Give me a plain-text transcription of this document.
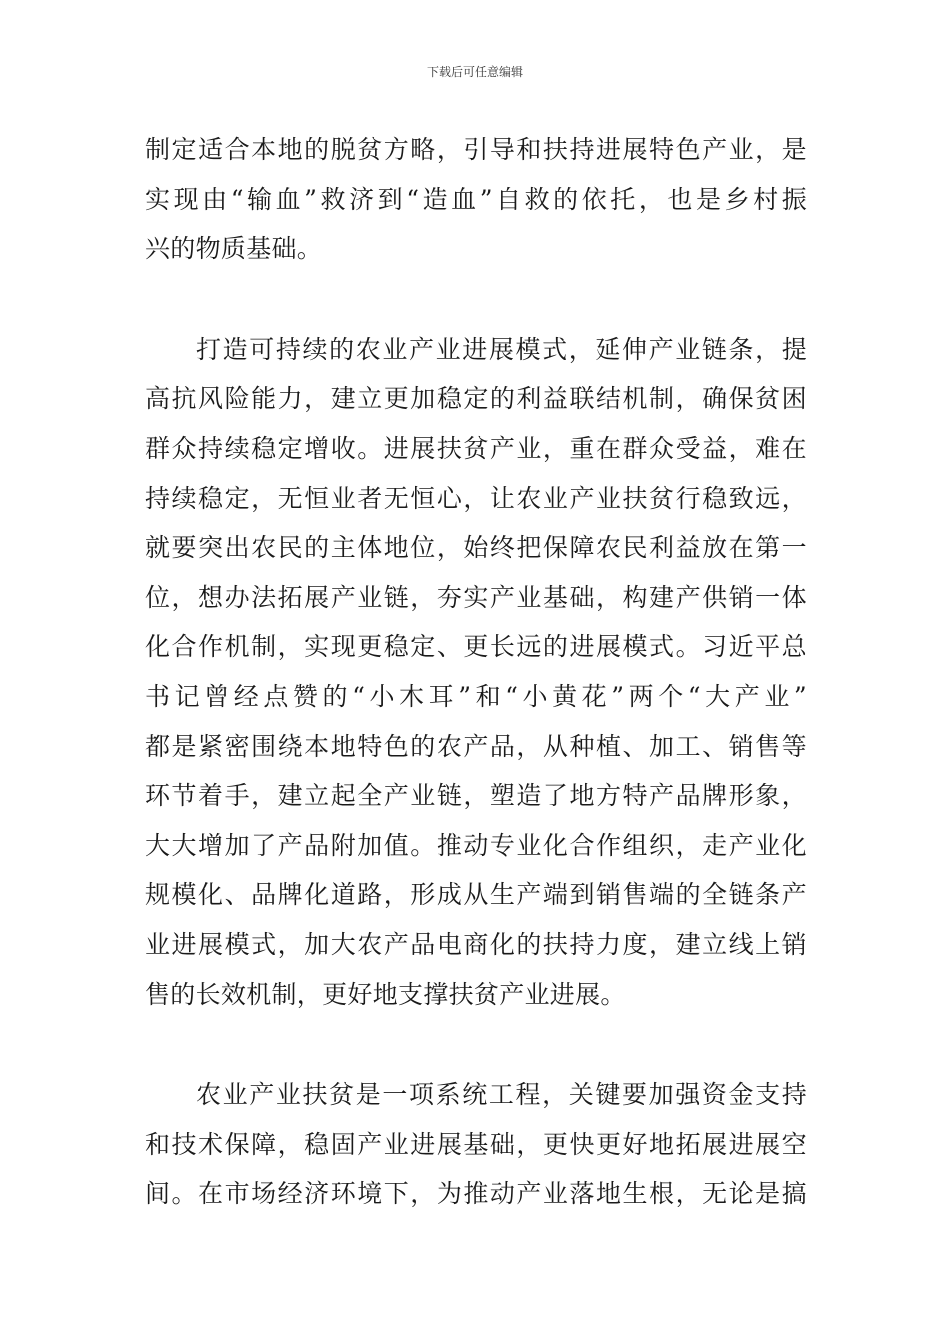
下载后可任意编辑
制定适合本地的脱贫方略，引导和扶持进展特色产业，是
实现由“输血”救济到“造血”自救的依托，也是乡村振
兴的物质基础。
打造可持续的农业产业进展模式，延伸产业链条，提
高抗风险能力，建立更加稳定的利益联结机制，确保贫困
群众持续稳定增收。进展扶贫产业，重在群众受益，难在
持续稳定，无恒业者无恒心，让农业产业扶贫行稳致远，
就要突出农民的主体地位，始终把保障农民利益放在第一
位，想办法拓展产业链，夯实产业基础，构建产供销一体
化合作机制，实现更稳定、更长远的进展模式。习近平总
书记曾经点赞的“小木耳”和“小黄花”两个“大产业”
都是紧密围绕本地特色的农产品，从种植、加工、销售等
环节着手，建立起全产业链，塑造了地方特产品牌形象，
大大增加了产品附加值。推动专业化合作组织，走产业化
规模化、品牌化道路，形成从生产端到销售端的全链条产
业进展模式，加大农产品电商化的扶持力度，建立线上销
售的长效机制，更好地支撑扶贫产业进展。
农业产业扶贫是一项系统工程，关键要加强资金支持
和技术保障，稳固产业进展基础，更快更好地拓展进展空
间。在市场经济环境下，为推动产业落地生根，无论是搞
